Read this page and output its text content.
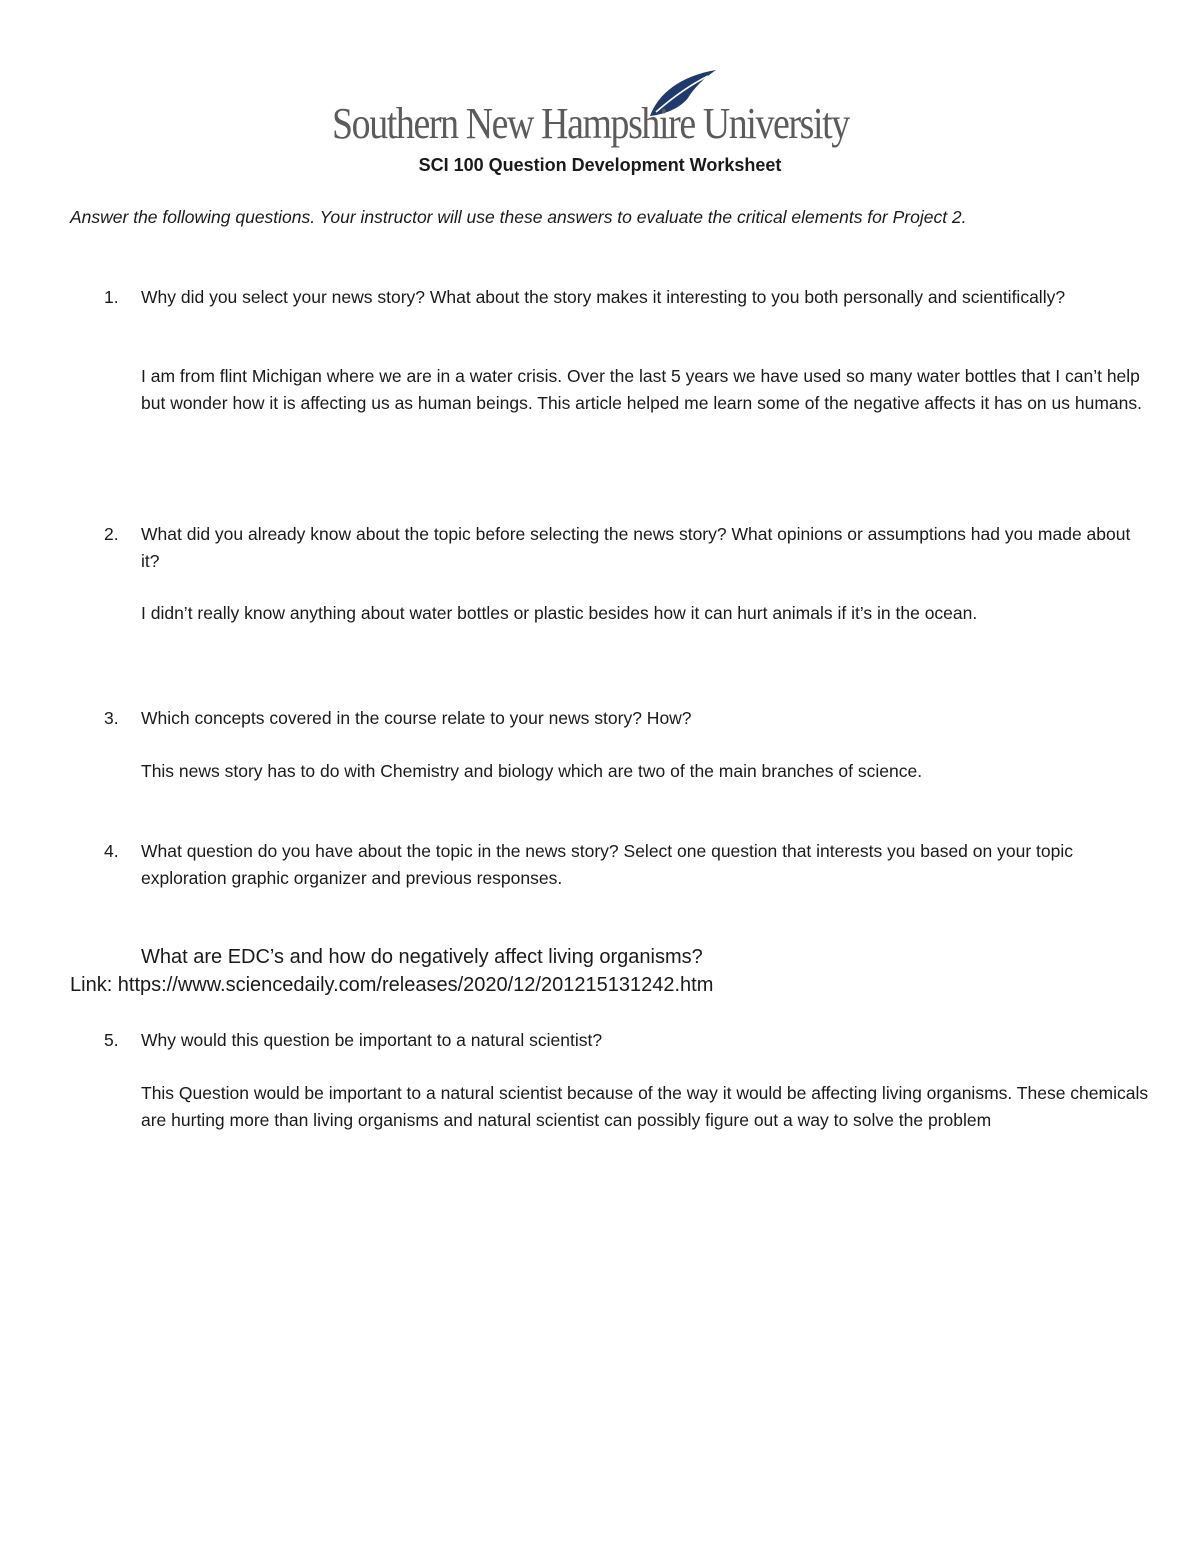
Southern New Hampshire University
SCI 100 Question Development Worksheet
Answer the following questions. Your instructor will use these answers to evaluate the critical elements for Project 2.
1.	Why did you select your news story? What about the story makes it interesting to you both personally and scientifically?
I am from flint Michigan where we are in a water crisis. Over the last 5 years we have used so many water bottles that I can’t help but wonder how it is affecting us as human beings. This article helped me learn some of the negative affects it has on us humans.
2.	What did you already know about the topic before selecting the news story? What opinions or assumptions had you made about it?
I didn’t really know anything about water bottles or plastic besides how it can hurt animals if it’s in the ocean.
3.	Which concepts covered in the course relate to your news story? How?
This news story has to do with Chemistry and biology which are two of the main branches of science.
4.	What question do you have about the topic in the news story? Select one question that interests you based on your topic exploration graphic organizer and previous responses.
What are EDC’s and how do negatively affect living organisms?
Link: https://www.sciencedaily.com/releases/2020/12/201215131242.htm
5.	Why would this question be important to a natural scientist?
This Question would be important to a natural scientist because of the way it would be affecting living organisms. These chemicals are hurting more than living organisms and natural scientist can possibly figure out a way to solve the problem
